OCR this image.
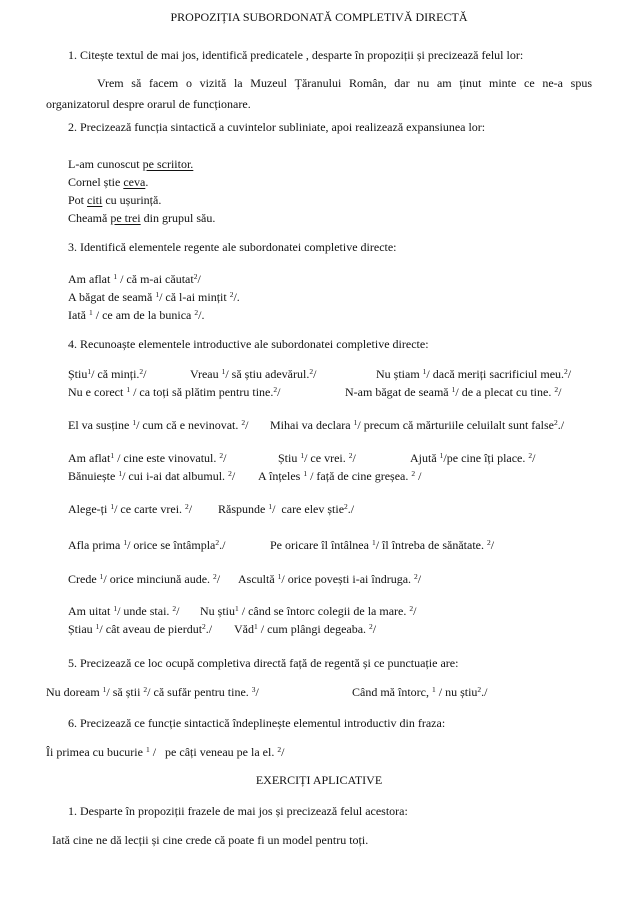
PROPOZIȚIA SUBORDONATĂ COMPLETIVĂ DIRECTĂ
1. Citește textul de mai jos, identifică predicatele , desparte în propoziții și precizează felul lor:
Vrem să facem o vizită la Muzeul Țăranului Român, dar nu am ținut minte ce ne-a spus
organizatorul despre orarul de funcționare.
2. Precizează funcția sintactică a cuvintelor subliniate, apoi realizează expansiunea lor:
L-am cunoscut pe scriitor.
Cornel știe ceva.
Pot citi cu ușurință.
Cheamă pe trei din grupul său.
3. Identifică elementele regente ale subordonatei completive directe:
Am aflat $^1$ / că m-ai căutat$^2$/
A băgat de seamă $^1$/ că l-ai mințit $^2$/.
Iată $^1$ / ce am de la bunica $^2$/.
4. Recunoaște elementele introductive ale subordonatei completive directe:
Știu$^1$/ că minți.$^2$/	Vreau $^1$/ să știu adevărul.$^2$/	Nu știam $^1$/ dacă meriți sacrificiul meu.$^2$/
Nu e corect $^1$ / ca toți să plătim pentru tine.$^2$/	N-am băgat de seamă $^1$/ de a plecat cu tine. $^2$/
El va susține $^1$/ cum că e nevinovat. $^2$/ Mihai va declara $^1$/ precum că mărturiile celuilalt sunt false$^2$./
Am aflat$^1$ / cine este vinovatul. $^2$/	Știu $^1$/ ce vrei. $^2$/	Ajută $^1$/pe cine îți place. $^2$/
Bănuiește $^1$/ cui i-ai dat albumul. $^2$/ A înțeles $^1$ / față de cine greșea. $^2$ /
Alege-ți $^1$/ ce carte vrei. $^2$/ Răspunde $^1$/  care elev știe$^2$./
Afla prima $^1$/ orice se întâmpla$^2$./	Pe oricare îl întâlnea $^1$/ îl întreba de sănătate. $^2$/
Crede $^1$/ orice minciună aude. $^2$/ Ascultă $^1$/ orice povești i-ai îndruga. $^2$/
Am uitat $^1$/ unde stai. $^2$/ Nu știu$^1$ / când se întorc colegii de la mare. $^2$/
Știau $^1$/ cât aveau de pierdut$^2$./ Văd$^1$ / cum plângi degeaba. $^2$/
5. Precizează ce loc ocupă completiva directă față de regentă și ce punctuație are:
Nu doream $^1$/ să știi $^2$/ că sufăr pentru tine. $^3$/	Când mă întorc, $^1$ / nu știu$^2$./
6. Precizează ce funcție sintactică îndeplinește elementul introductiv din fraza:
Îi primea cu bucurie $^1$ /   pe câți veneau pe la el. $^2$/
EXERCIȚI APLICATIVE
1. Desparte în propoziții frazele de mai jos și precizează felul acestora:
Iată cine ne dă lecții și cine crede că poate fi un model pentru toți.
